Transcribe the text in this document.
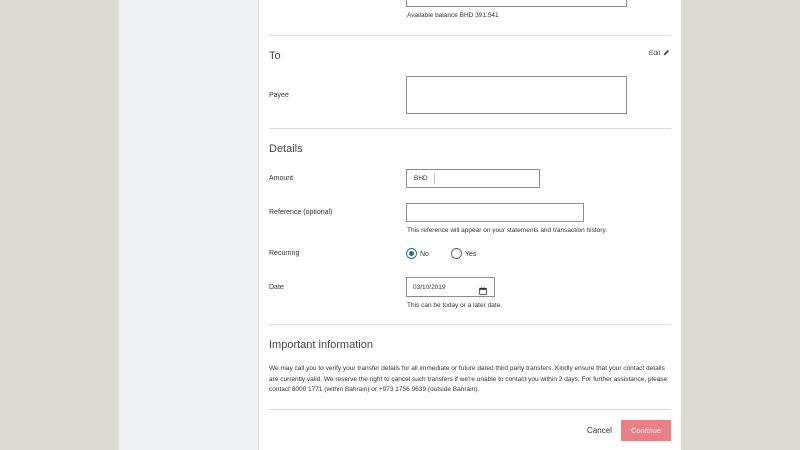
Available balance BHD 391.541
To	Edit
Payee
Details
Amount	BHD
Reference (optional)
This reference will appear on your statements and transaction history.
Recurring	No	Yes
Date	03/10/2019
This can be today or a later date.
Important information
We may call you to verify your transfer details for all immediate or future dated third party transfers. Kindly ensure that your contact details are currently valid. We reserve the right to cancel such transfers if we're unable to contact you within 2 days. For further assistance, please contact 8000 1771 (within Bahrain) or +973 1756 9639 (outside Bahrain).
Cancel	Continue
